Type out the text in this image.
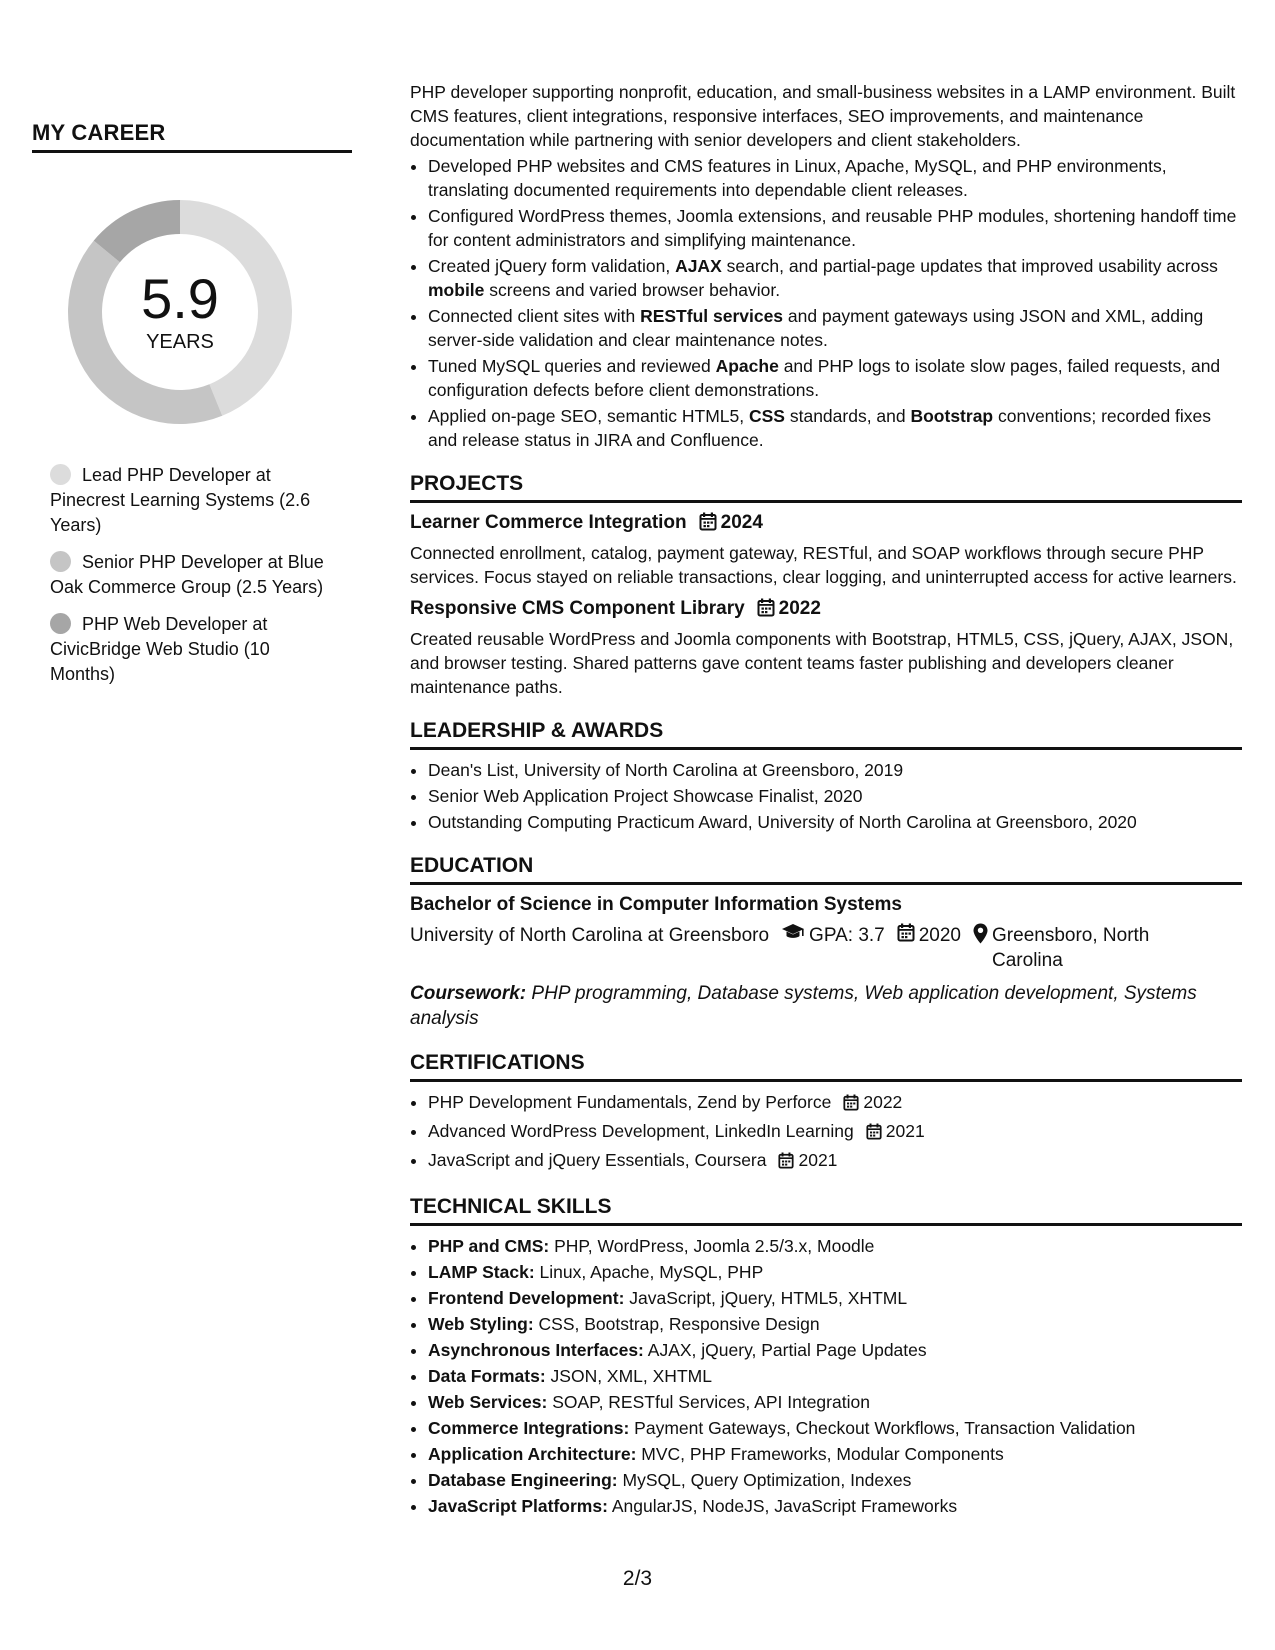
MY CAREER
5.9
YEARS
Lead PHP Developer at Pinecrest Learning Systems (2.6 Years)
Senior PHP Developer at Blue Oak Commerce Group (2.5 Years)
PHP Web Developer at CivicBridge Web Studio (10 Months)

PHP developer supporting nonprofit, education, and small-business websites in a LAMP environment. Built CMS features, client integrations, responsive interfaces, SEO improvements, and maintenance documentation while partnering with senior developers and client stakeholders.

• Developed PHP websites and CMS features in Linux, Apache, MySQL, and PHP environments, translating documented requirements into dependable client releases.
• Configured WordPress themes, Joomla extensions, and reusable PHP modules, shortening handoff time for content administrators and simplifying maintenance.
• Created jQuery form validation, AJAX search, and partial-page updates that improved usability across mobile screens and varied browser behavior.
• Connected client sites with RESTful services and payment gateways using JSON and XML, adding server-side validation and clear maintenance notes.
• Tuned MySQL queries and reviewed Apache and PHP logs to isolate slow pages, failed requests, and configuration defects before client demonstrations.
• Applied on-page SEO, semantic HTML5, CSS standards, and Bootstrap conventions; recorded fixes and release status in JIRA and Confluence.
PROJECTS
Learner Commerce Integration 2024

Connected enrollment, catalog, payment gateway, RESTful, and SOAP workflows through secure PHP services. Focus stayed on reliable transactions, clear logging, and uninterrupted access for active learners.

Responsive CMS Component Library 2022

Created reusable WordPress and Joomla components with Bootstrap, HTML5, CSS, jQuery, AJAX, JSON, and browser testing. Shared patterns gave content teams faster publishing and developers cleaner maintenance paths.

LEADERSHIP & AWARDS
• Dean's List, University of North Carolina at Greensboro, 2019
• Senior Web Application Project Showcase Finalist, 2020
• Outstanding Computing Practicum Award, University of North Carolina at Greensboro, 2020
EDUCATION
Bachelor of Science in Computer Information Systems
University of North Carolina at Greensboro GPA: 3.7 2020 Greensboro, North Carolina
Coursework: PHP programming, Database systems, Web application development, Systems analysis
CERTIFICATIONS
• PHP Development Fundamentals, Zend by Perforce 2022
• Advanced WordPress Development, LinkedIn Learning 2021
• JavaScript and jQuery Essentials, Coursera 2021
TECHNICAL SKILLS
• PHP and CMS: PHP, WordPress, Joomla 2.5/3.x, Moodle
• LAMP Stack: Linux, Apache, MySQL, PHP
• Frontend Development: JavaScript, jQuery, HTML5, XHTML
• Web Styling: CSS, Bootstrap, Responsive Design
• Asynchronous Interfaces: AJAX, jQuery, Partial Page Updates
• Data Formats: JSON, XML, XHTML
• Web Services: SOAP, RESTful Services, API Integration
• Commerce Integrations: Payment Gateways, Checkout Workflows, Transaction Validation
• Application Architecture: MVC, PHP Frameworks, Modular Components
• Database Engineering: MySQL, Query Optimization, Indexes
• JavaScript Platforms: AngularJS, NodeJS, JavaScript Frameworks
2/3
